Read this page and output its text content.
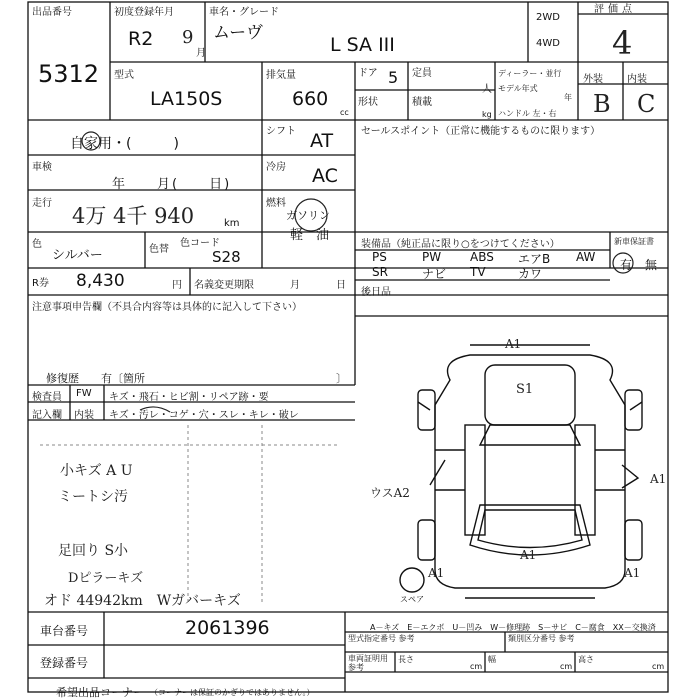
出品番号
5312
初度登録年月
R2 9
月
車名・グレード
ムーヴ
L SA III
2WD
4WD
評価点
4
外装 内装
B C
型式
LA150S
排気量
660
cc
ドア 5 定員
人
形状	積載
kg
ディーラー・並行
モデル年式
年
ハンドル 左・右
自家用・(　　　)
シフト AT	セールスポイント（正常に機能するものに限ります）
車検
年　　月(　　日)
冷房 AC
走行
4万 4千 940	km
燃料
ガソリン
軽　油
色
シルバー	色替
色コード
S28
装備品（純正品に限り○をつけてください）	新車保証書
有 無
R券 8,430	円 名義変更期限	月	日
後日品
注意事項申告欄（不具合内容等は具体的に記入して下さい）
修復歴　　有〔箇所	〕
検査員 FW キズ・飛石・ヒビ割・リペア跡・要
記入欄 内装 キズ・汚レ・コゲ・穴・スレ・キレ・破レ
小キズ A U
ミートシ汚
足回り S小
Dピラーキズ
オド 44942km　Wガバーキズ
A1
S1
ウスA2
A1
A1
A1	A1
スペア
A－キズ　E－エクボ　U－凹み　W－修理跡　S－サビ　C－腐食　XX－交換済
車台番号	2061396
登録番号
希望出品コーナー （コーナーは保証のかぎりではありません。）
型式指定番号 参考	類別区分番号 参考
車両証明用 参考
長さ
cm
幅
cm
高さ
cm
PS	PW ABS エアB AW
SR	ナビ TV	カワ
